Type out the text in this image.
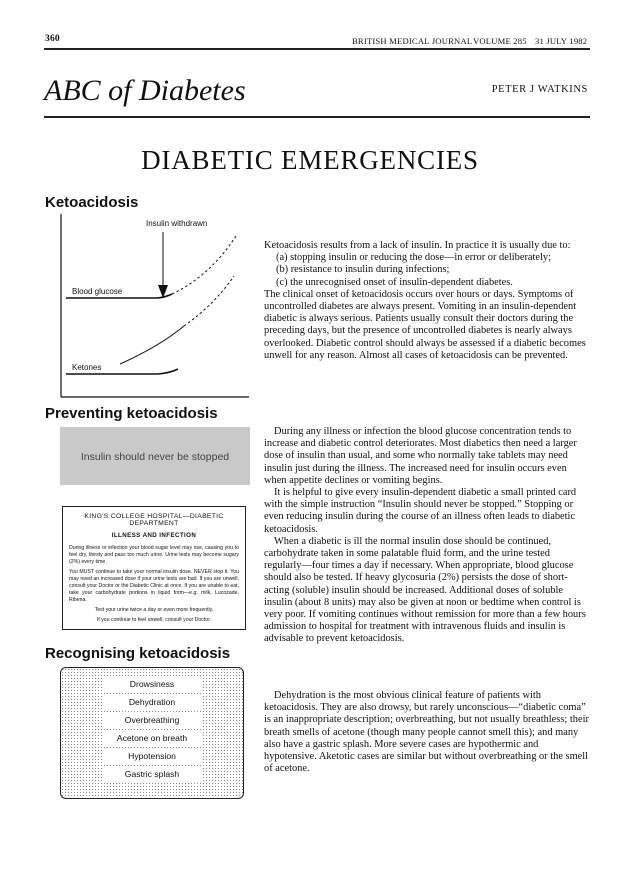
360	BRITISH MEDICAL JOURNAL VOLUME 285 31 JULY 1982
ABC of Diabetes	PETER J WATKINS
DIABETIC EMERGENCIES
Ketoacidosis
Insulin withdrawn
Blood glucose
Ketones

Ketoacidosis results from a lack of insulin. In practice it is usually due to:

(a) stopping insulin or reducing the dose—in error or deliberately;

(b) resistance to insulin during infections;

(c) the unrecognised onset of insulin-dependent diabetes.

The clinical onset of ketoacidosis occurs over hours or days. Symptoms of uncontrolled diabetes are always present. Vomiting in an insulin-dependent diabetic is always serious. Patients usually consult their doctors during the preceding days, but the presence of uncontrolled diabetes is nearly always overlooked. Diabetic control should always be assessed if a diabetic becomes unwell for any reason. Almost all cases of ketoacidosis can be prevented.

Preventing ketoacidosis
Insulin should never be stopped
KING'S COLLEGE HOSPITAL—DIABETIC DEPARTMENT
ILLNESS AND INFECTION

During illness or infection your blood sugar level may rise, causing you to feel dry, thirsty and pass too much urine. Urine tests may become sugary (2%) every time.

You MUST continue to take your normal insulin dose. NEVER stop it. You may need an increased dose if your urine tests are bad. If you are unwell, consult your Doctor or the Diabetic Clinic at once. If you are unable to eat, take your carbohydrate portions in liquid form—e.g. milk, Lucozade, Ribena.

Test your urine twice a day or even more frequently.

If you continue to feel unwell, consult your Doctor.

During any illness or infection the blood glucose concentration tends to increase and diabetic control deteriorates. Most diabetics then need a larger dose of insulin than usual, and some who normally take tablets may need insulin just during the illness. The increased need for insulin occurs even when appetite declines or vomiting begins.

It is helpful to give every insulin-dependent diabetic a small printed card with the simple instruction “Insulin should never be stopped.” Stopping or even reducing insulin during the course of an illness often leads to diabetic ketoacidosis.

When a diabetic is ill the normal insulin dose should be continued, carbohydrate taken in some palatable fluid form, and the urine tested regularly—four times a day if necessary. When appropriate, blood glucose should also be tested. If heavy glycosuria (2%) persists the dose of short-acting (soluble) insulin should be increased. Additional doses of soluble insulin (about 8 units) may also be given at noon or bedtime when control is very poor. If vomiting continues without remission for more than a few hours admission to hospital for treatment with intravenous fluids and insulin is advisable to prevent ketoacidosis.

Recognising ketoacidosis
Drowsiness
Dehydration
Overbreathing
Acetone on breath
Hypotension
Gastric splash

Dehydration is the most obvious clinical feature of patients with ketoacidosis. They are also drowsy, but rarely unconscious—“diabetic coma” is an inappropriate description; overbreathing, but not usually breathless; their breath smells of acetone (though many people cannot smell this); and many also have a gastric splash. More severe cases are hypothermic and hypotensive. Aketotic cases are similar but without overbreathing or the smell of acetone.
